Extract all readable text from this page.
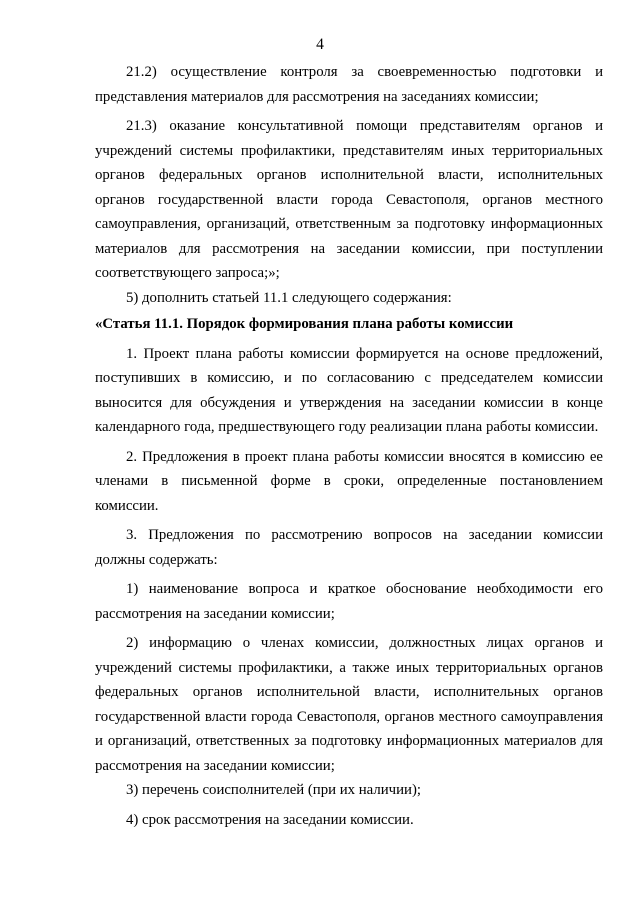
4

21.2) осуществление контроля за своевременностью подготовки и представления материалов для рассмотрения на заседаниях комиссии;

21.3) оказание консультативной помощи представителям органов и учреждений системы профилактики, представителям иных территориальных органов федеральных органов исполнительной власти, исполнительных органов государственной власти города Севастополя, органов местного самоуправления, организаций, ответственным за подготовку информационных материалов для рассмотрения на заседании комиссии, при поступлении соответствующего запроса;»;

5) дополнить статьей 11.1 следующего содержания:

«Статья 11.1. Порядок формирования плана работы комиссии

1. Проект плана работы комиссии формируется на основе предложений, поступивших в комиссию, и по согласованию с председателем комиссии выносится для обсуждения и утверждения на заседании комиссии в конце календарного года, предшествующего году реализации плана работы комиссии.

2. Предложения в проект плана работы комиссии вносятся в комиссию ее членами в письменной форме в сроки, определенные постановлением комиссии.

3. Предложения по рассмотрению вопросов на заседании комиссии должны содержать:

1) наименование вопроса и краткое обоснование необходимости его рассмотрения на заседании комиссии;

2) информацию о членах комиссии, должностных лицах органов и учреждений системы профилактики, а также иных территориальных органов федеральных органов исполнительной власти, исполнительных органов государственной власти города Севастополя, органов местного самоуправления и организаций, ответственных за подготовку информационных материалов для рассмотрения на заседании комиссии;

3) перечень соисполнителей (при их наличии);

4) срок рассмотрения на заседании комиссии.
